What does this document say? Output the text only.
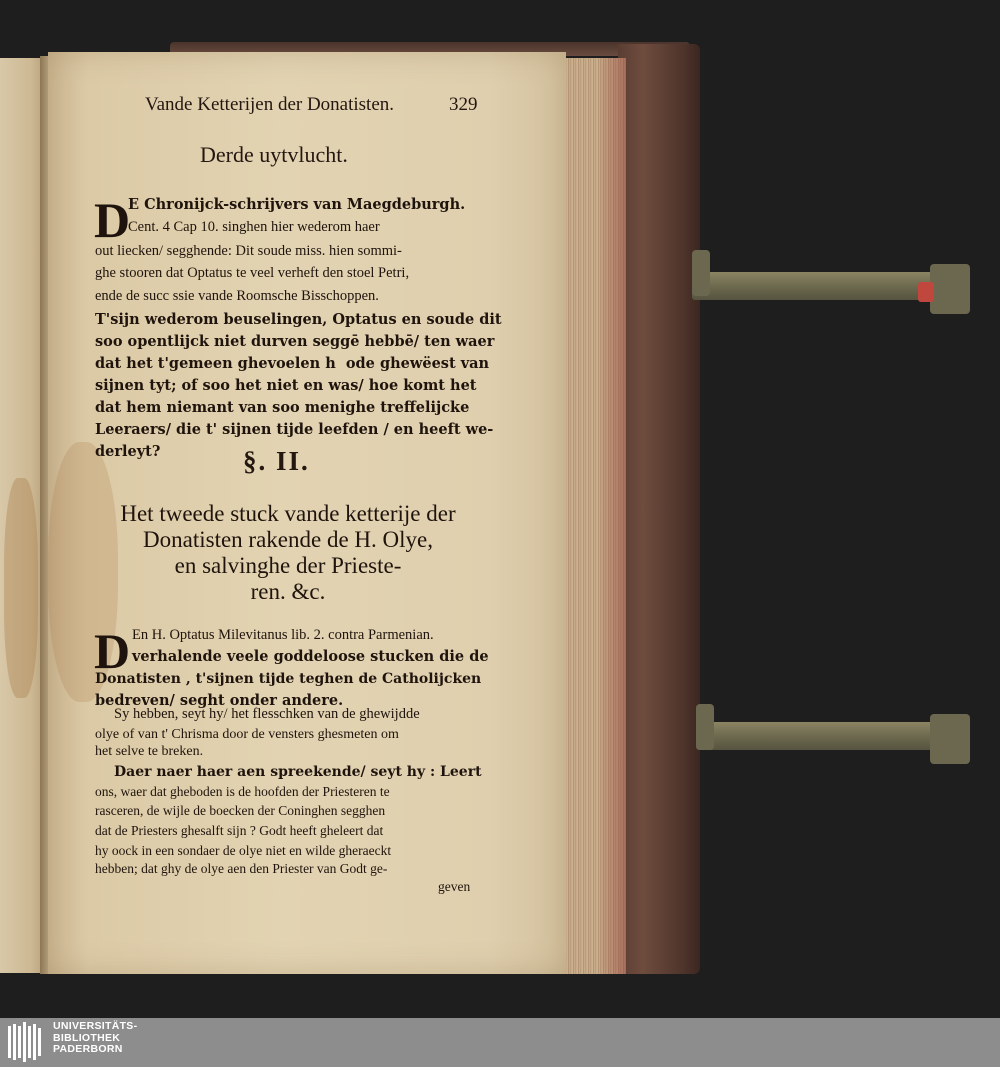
Vande Ketterijen der Donatisten.	329
Derde uytvlucht.
D
E Chronijck-schrijvers van Maegdeburgh.
Cent. 4 Cap 10. singhen hier wederom haer
out liecken/ segghende: Dit soude miss. hien sommi-
ghe stooren dat Optatus te veel verheft den stoel Petri,
ende de succ ssie vande Roomsche Bisschoppen.
T'sijn wederom beuselingen, Optatus en soude dit
soo opentlijck niet durven seggē hebbē/ ten waer
dat het t'gemeen ghevoelen h  ode ghewëest van
sijnen tyt; of soo het niet en was/ hoe komt het
dat hem niemant van soo menighe treffelijcke
Leeraers/ die t' sijnen tijde leefden / en heeft we-
derleyt?	§. II.
Het tweede stuck vande ketterije der
Donatisten rakende de H. Olye,
en salvinghe der Prieste-
ren. &c.
D En H. Optatus Milevitanus lib. 2. contra Parmenian.
verhalende veele goddeloose stucken die de
Donatisten , t'sijnen tijde teghen de Catholijcken
bedreven/ seght onder andere.
Sy hebben, seyt hy/ het flesschken van de ghewijdde
olye of van t' Chrisma door de vensters ghesmeten om
het selve te breken.
Daer naer haer aen spreekende/ seyt hy : Leert
ons, waer dat gheboden is de hoofden der Priesteren te
rasceren, de wijle de boecken der Coninghen segghen
dat de Priesters ghesalft sijn ? Godt heeft gheleert dat
hy oock in een sondaer de olye niet en wilde gheraeckt
hebben; dat ghy de olye aen den Priester van Godt ge-
geven
UNIVERSITÄTS-
BIBLIOTHEK
PADERBORN
